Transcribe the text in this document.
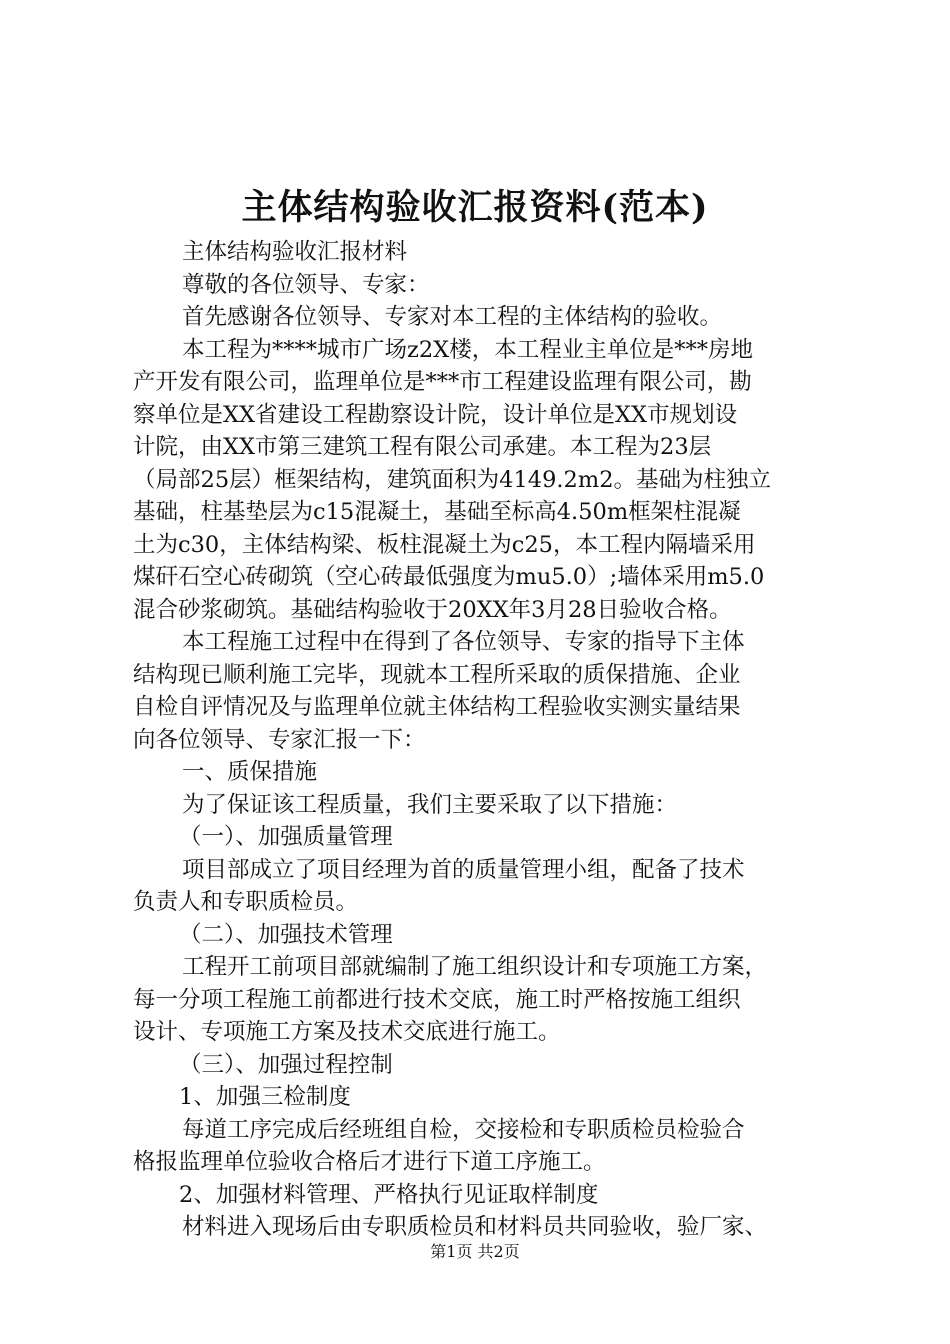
主体结构验收汇报资料(范本)
主体结构验收汇报材料
尊敬的各位领导、专家：
首先感谢各位领导、专家对本工程的主体结构的验收。
本工程为****城市广场z2X楼，本工程业主单位是***房地
产开发有限公司，监理单位是***市工程建设监理有限公司，勘
察单位是XX省建设工程勘察设计院，设计单位是XX市规划设
计院，由XX市第三建筑工程有限公司承建。本工程为23层
（局部25层）框架结构，建筑面积为4149.2m2。基础为柱独立
基础，柱基垫层为c15混凝土，基础至标高4.50m框架柱混凝
土为c30，主体结构梁、板柱混凝土为c25，本工程内隔墙采用
煤矸石空心砖砌筑（空心砖最低强度为mu5.0）;墙体采用m5.0
混合砂浆砌筑。基础结构验收于20XX年3月28日验收合格。
本工程施工过程中在得到了各位领导、专家的指导下主体
结构现已顺利施工完毕，现就本工程所采取的质保措施、企业
自检自评情况及与监理单位就主体结构工程验收实测实量结果
向各位领导、专家汇报一下：
一、质保措施
为了保证该工程质量，我们主要采取了以下措施：
（一）、加强质量管理
项目部成立了项目经理为首的质量管理小组，配备了技术
负责人和专职质检员。
（二）、加强技术管理
工程开工前项目部就编制了施工组织设计和专项施工方案，
每一分项工程施工前都进行技术交底，施工时严格按施工组织
设计、专项施工方案及技术交底进行施工。
（三）、加强过程控制
1、加强三检制度
每道工序完成后经班组自检，交接检和专职质检员检验合
格报监理单位验收合格后才进行下道工序施工。
2、加强材料管理、严格执行见证取样制度
材料进入现场后由专职质检员和材料员共同验收，验厂家、
第1页 共2页
